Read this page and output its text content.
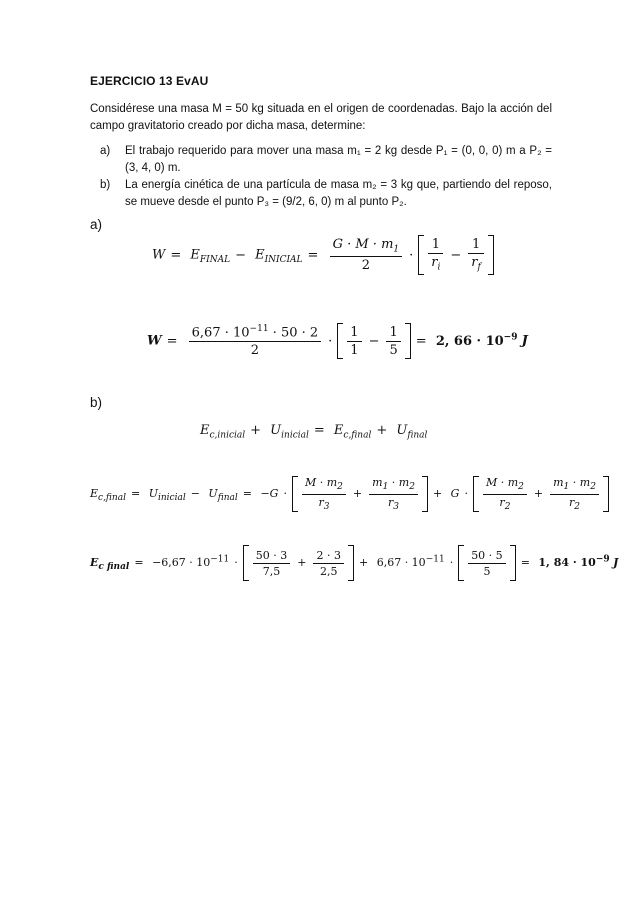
EJERCICIO 13 EvAU
Considérese una masa M = 50 kg situada en el origen de coordenadas. Bajo la acción del campo gravitatorio creado por dicha masa, determine:
a) El trabajo requerido para mover una masa m₁ = 2 kg desde P₁ = (0, 0, 0) m a P₂ = (3, 4, 0) m.
b) La energía cinética de una partícula de masa m₂ = 3 kg que, partiendo del reposo, se mueve desde el punto P₃ = (9/2, 6, 0) m al punto P₂.
a)
$W = E_{FINAL} - E_{INICIAL} = \frac{G \cdot M \cdot m_1}{2} \cdot \frac{1}{r_i} - \frac{1}{r_f}$
$W = \frac{6,67 \cdot 10^{-11} \cdot 50 \cdot 2}{2} \cdot \frac{1}{1} - \frac{1}{5} = 2$, $66 \cdot 10^{-9}$ J
b)
$E_{c,inicial} + U_{inicial} = E_{c,final} + U_{final}$
$E_{c,final} = U_{inicial} - U_{final} = -G \cdot \frac{M \cdot m_2}{r_3} + \frac{m_1 \cdot m_2}{r_3} + G \cdot \frac{M \cdot m_2}{r_2} + \frac{m_1 \cdot m_2}{r_2}$
$E_{c final} = -6,67 \cdot 10^{-11} \cdot \frac{50 \cdot 3}{7,5} + \frac{2 \cdot 3}{2,5} + 6,67 \cdot 10^{-11} \cdot \frac{50 \cdot 5}{5} = 1$, $84 \cdot 10^{-9}$ J
